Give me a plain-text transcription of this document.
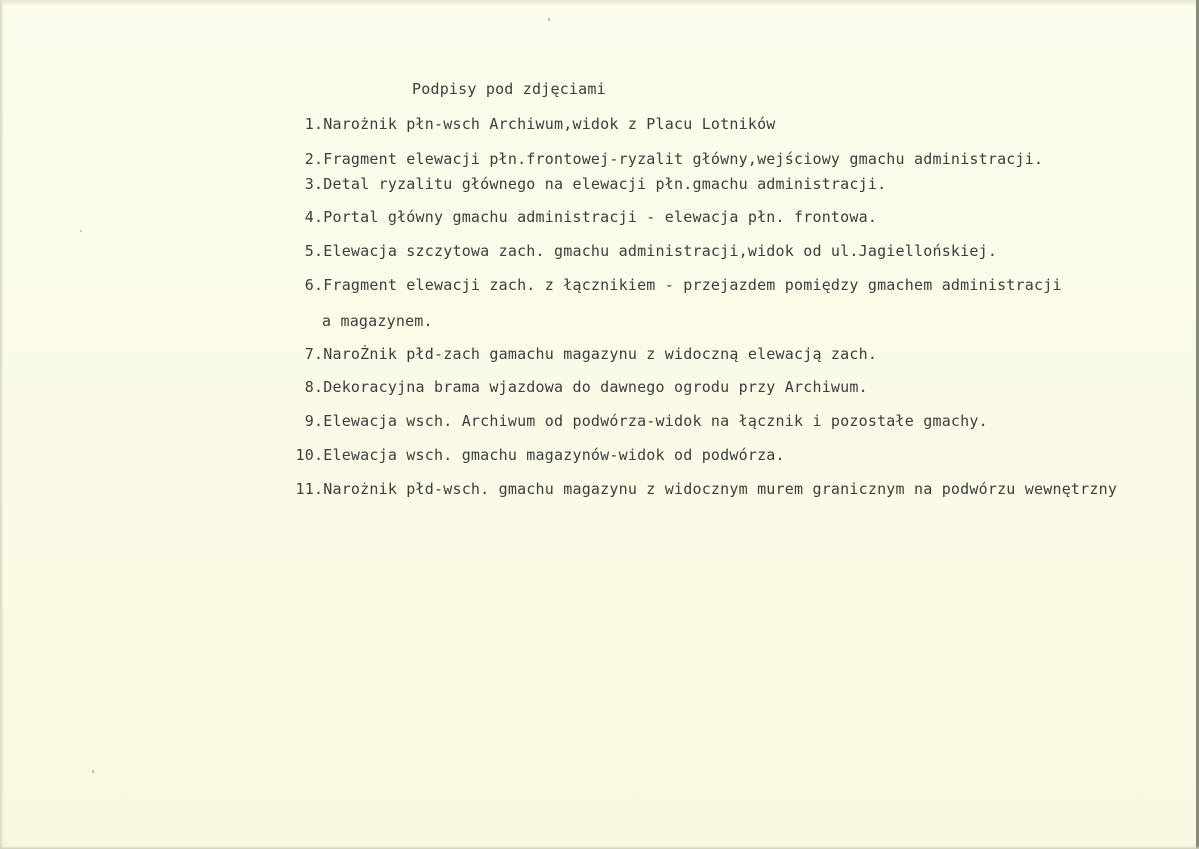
Podpisy pod zdjęciami
1.Narożnik płn-wsch Archiwum,widok z Placu Lotników
2.Fragment elewacji płn.frontowej-ryzalit główny,wejściowy gmachu administracji.
3.Detal ryzalitu głównego na elewacji płn.gmachu administracji.
4.Portal główny gmachu administracji - elewacja płn. frontowa.
5.Elewacja szczytowa zach. gmachu administracji,widok od ul.Jagiellońskiej.
6.Fragment elewacji zach. z łącznikiem - przejazdem pomiędzy gmachem administracji
a magazynem.
7.NaroŻnik płd-zach gamachu magazynu z widoczną elewacją zach.
8.Dekoracyjna brama wjazdowa do dawnego ogrodu przy Archiwum.
9.Elewacja wsch. Archiwum od podwórza-widok na łącznik i pozostałe gmachy.
10.Elewacja wsch. gmachu magazynów-widok od podwórza.
11.Narożnik płd-wsch. gmachu magazynu z widocznym murem granicznym na podwórzu wewnętrzny
